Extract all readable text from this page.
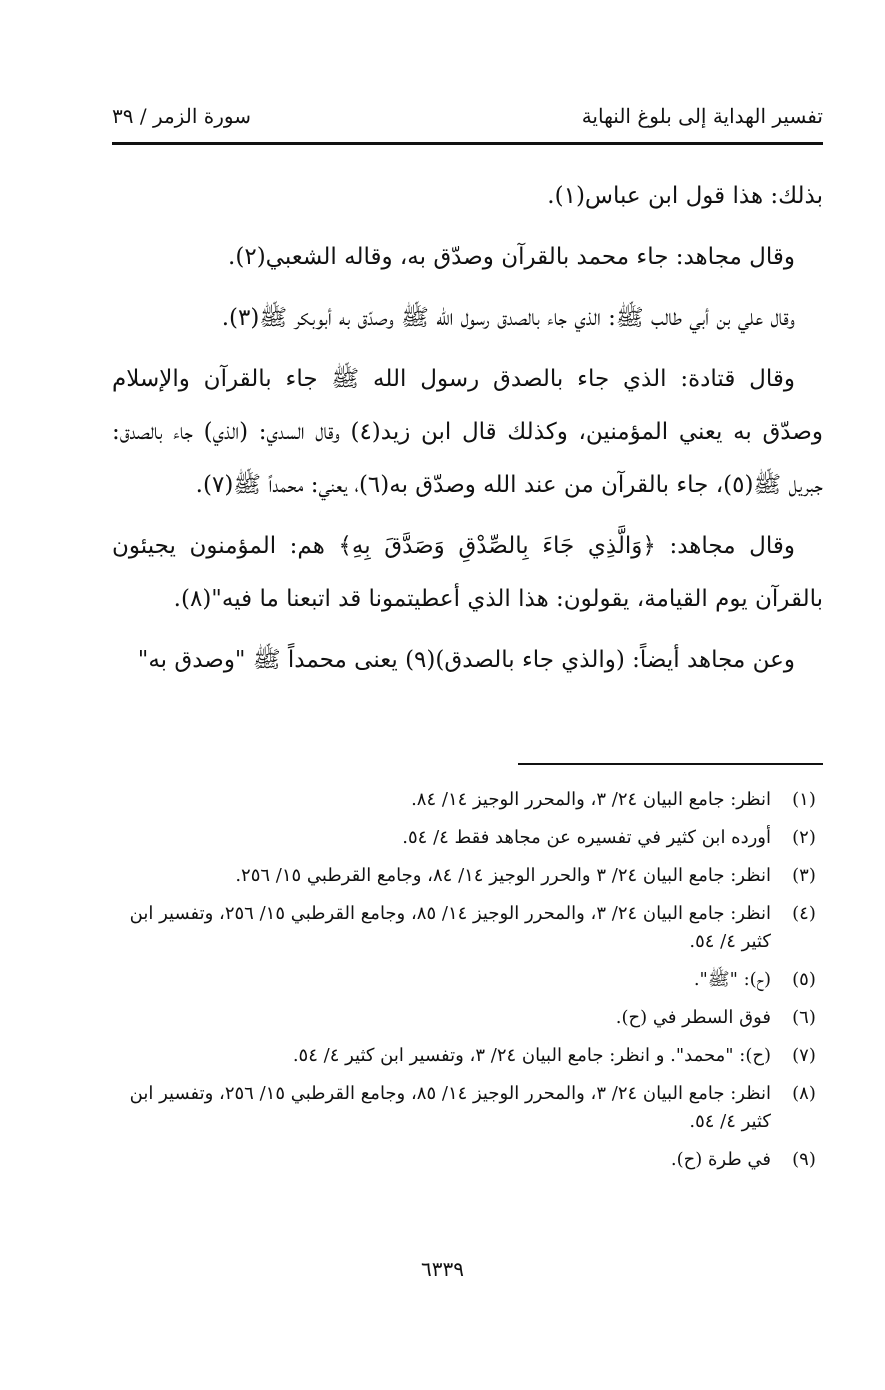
تفسير الهداية إلى بلوغ النهاية
سورة الزمر / ٣٩

بذلك: هذا قول ابن عباس(١).

وقال مجاهد: جاء محمد بالقرآن وصدّق به، وقاله الشعبي(٢).

وقال علي بن أبي طالب ﷺ: الذي جاء بالصدق رسول الله ﷺ وصدّق به أبوبكر ﷺ(٣).

وقال قتادة: الذي جاء بالصدق رسول الله ﷺ جاء بالقرآن والإسلام وصدّق به يعني المؤمنين، وكذلك قال ابن زيد(٤) وقال السدي: (الذي) جاء بالصدق: جبريل ﷺ(٥)، جاء بالقرآن من عند الله وصدّق به(٦)، يعني: محمداً ﷺ(٧).

وقال مجاهد: ﴿وَالَّذِي جَاءَ بِالصِّدْقِ وَصَدَّقَ بِهِ﴾ هم: المؤمنون يجيئون بالقرآن يوم القيامة، يقولون: هذا الذي أعطيتمونا قد اتبعنا ما فيه"(٨).

وعن مجاهد أيضاً: (والذي جاء بالصدق)(٩) يعنى محمداً ﷺ "وصدق به"

(١)
انظر: جامع البيان ٢٤/ ٣، والمحرر الوجيز ١٤/ ٨٤.
(٢)
أورده ابن كثير في تفسيره عن مجاهد فقط ٤/ ٥٤.
(٣)
انظر: جامع البيان ٢٤/ ٣ والحرر الوجيز ١٤/ ٨٤، وجامع القرطبي ١٥/ ٢٥٦.
(٤)
انظر: جامع البيان ٢٤/ ٣، والمحرر الوجيز ١٤/ ٨٥، وجامع القرطبي ١٥/ ٢٥٦، وتفسير ابن كثير ٤/ ٥٤.
(٥)
(ح): "ﷺ".
(٦)
فوق السطر في (ح).
(٧)
(ح): "محمد". و انظر: جامع البيان ٢٤/ ٣، وتفسير ابن كثير ٤/ ٥٤.
(٨)
انظر: جامع البيان ٢٤/ ٣، والمحرر الوجيز ١٤/ ٨٥، وجامع القرطبي ١٥/ ٢٥٦، وتفسير ابن كثير ٤/ ٥٤.
(٩)
في طرة (ح).
٦٣٣٩
